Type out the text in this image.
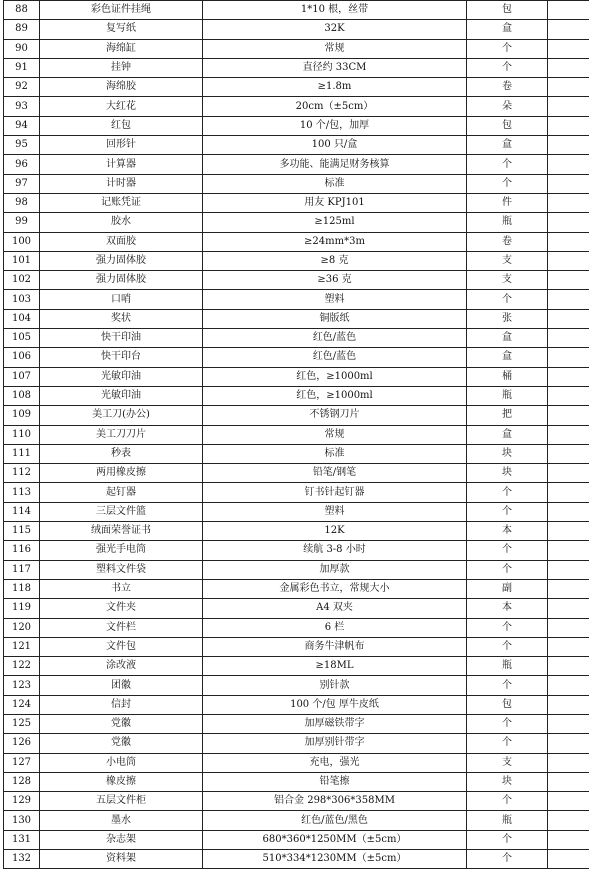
88	彩色证件挂绳	1*10 根，丝带	包	
89	复写纸	32K	盒	
90	海绵缸	常规	个	
91	挂钟	直径约 33CM	个	
92	海绵胶	≥1.8m	卷	
93	大红花	20cm（±5cm）	朵	
94	红包	10 个/包，加厚	包	
95	回形针	100 只/盒	盒	
96	计算器	多功能、能满足财务核算	个	
97	计时器	标准	个	
98	记账凭证	用友 KPJ101	件	
99	胶水	≥125ml	瓶	
100	双面胶	≥24mm*3m	卷	
101	强力固体胶	≥8 克	支	
102	强力固体胶	≥36 克	支	
103	口哨	塑料	个	
104	奖状	铜版纸	张	
105	快干印油	红色/蓝色	盒	
106	快干印台	红色/蓝色	盒	
107	光敏印油	红色，≥1000ml	桶	
108	光敏印油	红色，≥1000ml	瓶	
109	美工刀(办公)	不锈钢刀片	把	
110	美工刀刀片	常规	盒	
111	秒表	标准	块	
112	两用橡皮擦	铅笔/钢笔	块	
113	起钉器	钉书针起钉器	个	
114	三层文件篮	塑料	个	
115	绒面荣誉证书	12K	本	
116	强光手电筒	续航 3-8 小时	个	
117	塑料文件袋	加厚款	个	
118	书立	金属彩色书立，常规大小	副	
119	文件夹	A4 双夹	本	
120	文件栏	6 栏	个	
121	文件包	商务牛津帆布	个	
122	涂改液	≥18ML	瓶	
123	团徽	别针款	个	
124	信封	100 个/包 厚牛皮纸	包	
125	党徽	加厚磁铁带字	个	
126	党徽	加厚别针带字	个	
127	小电筒	充电，强光	支	
128	橡皮擦	铅笔擦	块	
129	五层文件柜	铝合金 298*306*358MM	个	
130	墨水	红色/蓝色/黑色	瓶	
131	杂志架	680*360*1250MM（±5cm）	个	
132	资料架	510*334*1230MM（±5cm）	个	
